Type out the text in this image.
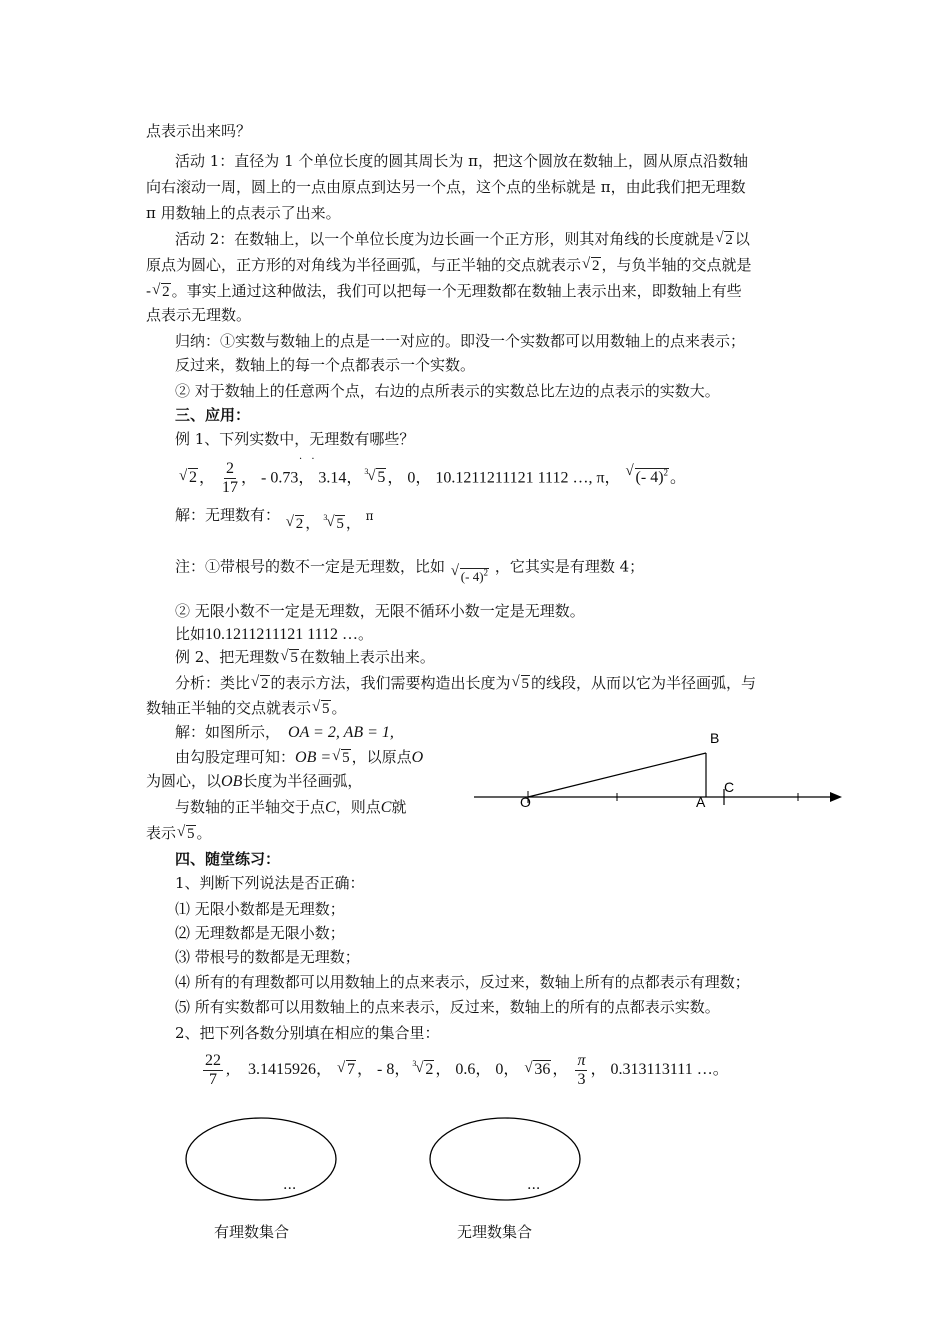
点表示出来吗？
活动 1：直径为 1 个单位长度的圆其周长为 π，把这个圆放在数轴上，圆从原点沿数轴
向右滚动一周，圆上的一点由原点到达另一个点，这个点的坐标就是 π，由此我们把无理数
π 用数轴上的点表示了出来。
活动 2：在数轴上，以一个单位长度为边长画一个正方形，则其对角线的长度就是 √ 2 以
原点为圆心，正方形的对角线为半径画弧，与正半轴的交点就表示 √ 2 ，与负半轴的交点就是
- √ 2 。事实上通过这种做法，我们可以把每一个无理数都在数轴上表示出来，即数轴上有些
点表示无理数。
归纳：①实数与数轴上的点是一一对应的。即没一个实数都可以用数轴上的点来表示；
反过来，数轴上的每一个点都表示一个实数。
② 对于数轴上的任意两个点，右边的点所表示的实数总比左边的点表示的实数大。
三、应用：
例 1、下列实数中，无理数有哪些？
√ 2 ， $\frac{2}{17}$ ， - 0.73， 3.14， 3 √ 5 ， 0， 10.1211211121 1112 …, π， √ (- 4)$^2$ 。
· ·
解：无理数有： √ 2 ， 3 √ 5 ， π
注：①带根号的数不一定是无理数，比如 √ (- 4)$^2$ ，它其实是有理数 4；
② 无限小数不一定是无理数，无限不循环小数一定是无理数。
比如10.1211211121 1112 …。
例 2、把无理数 √ 5 在数轴上表示出来。
分析：类比 √ 2 的表示方法，我们需要构造出长度为 √ 5 的线段，从而以它为半径画弧，与
数轴正半轴的交点就表示 √ 5 。
解：如图所示， OA = 2, AB = 1,
由勾股定理可知：OB = √ 5 ，以原点O
为圆心，以OB长度为半径画弧，
与数轴的正半轴交于点C，则点C就
表示 √ 5 。
O	A
B
C
四、随堂练习：
1、判断下列说法是否正确：
⑴ 无限小数都是无理数；
⑵ 无理数都是无限小数；
⑶ 带根号的数都是无理数；
⑷ 所有的有理数都可以用数轴上的点来表示，反过来，数轴上所有的点都表示有理数；
⑸ 所有实数都可以用数轴上的点来表示，反过来，数轴上的所有的点都表示实数。
2、把下列各数分别填在相应的集合里：
$\frac{22}{7}$ , 3.1415926， √ 7 ， - 8， 3 √ 2 ， 0.6， 0， √ 36 ， $\frac{\pi}{3}$ ， 0.313113111 …。
...	...
有理数集合	无理数集合
